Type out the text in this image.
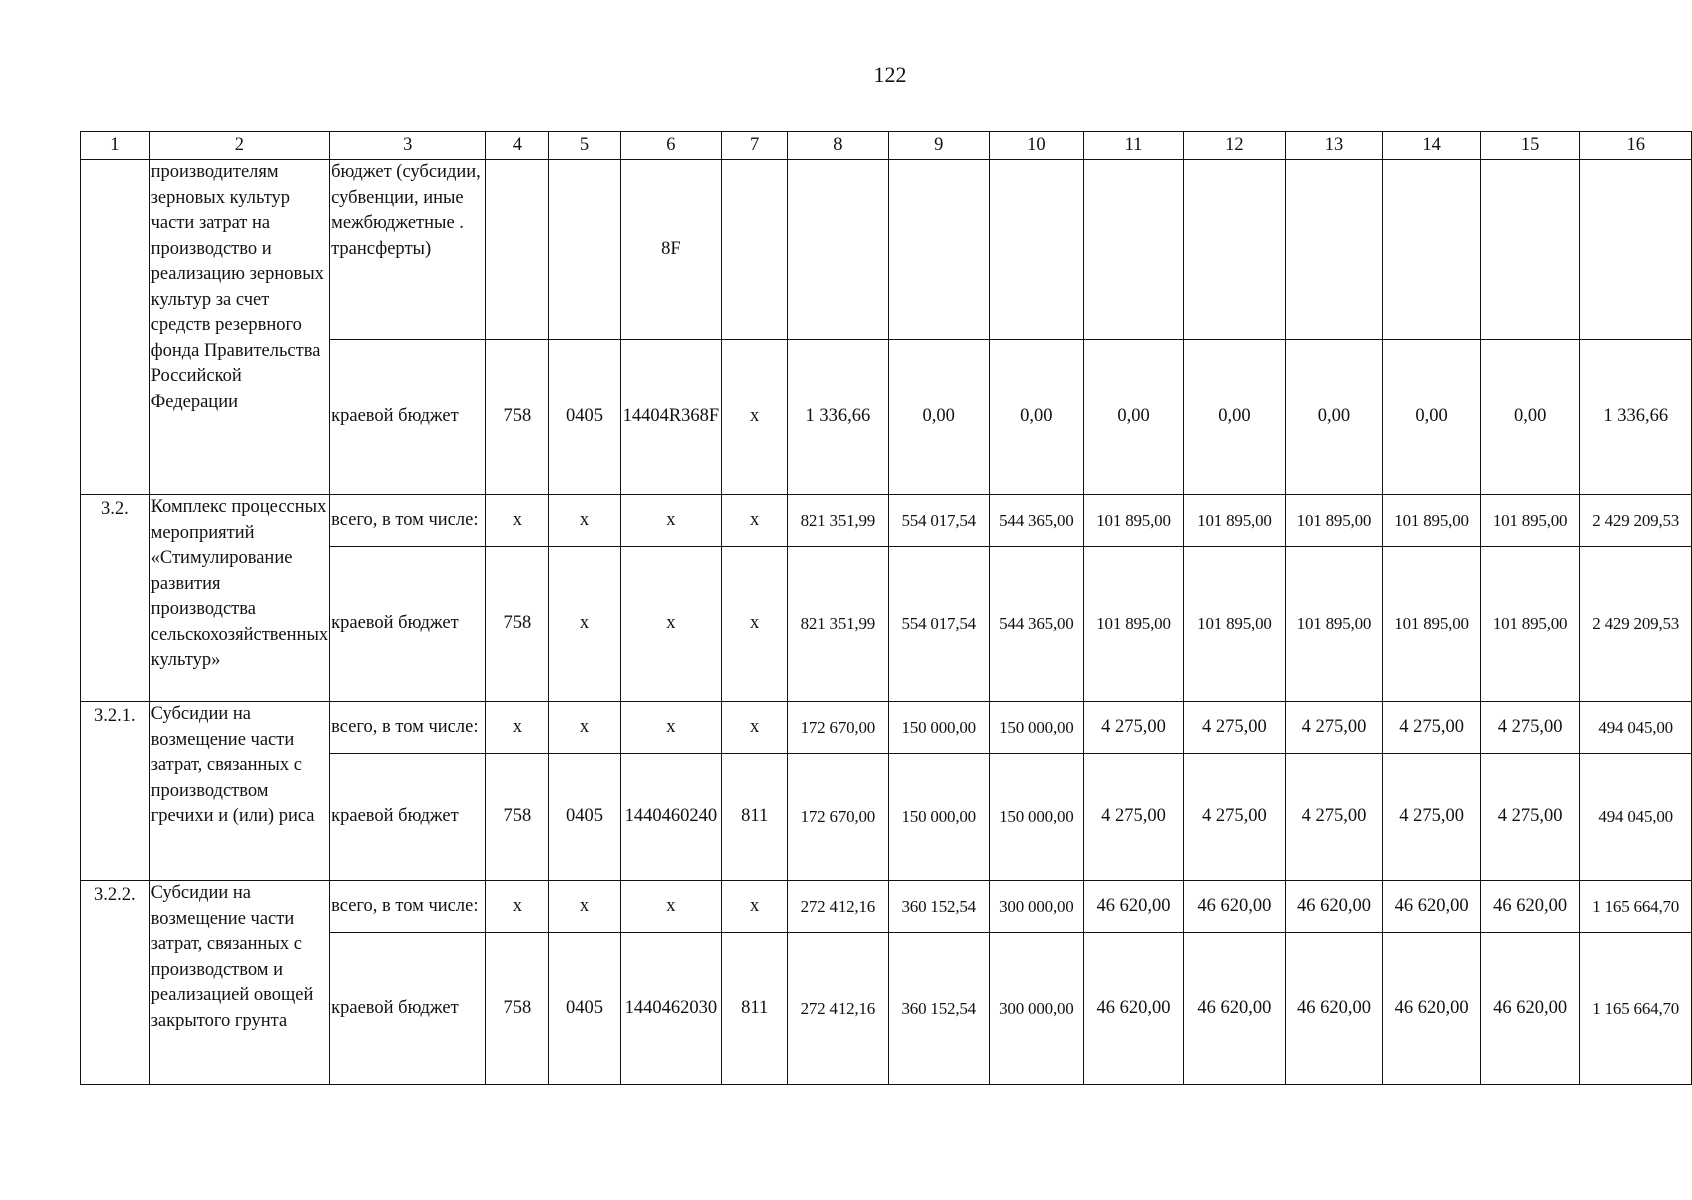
122
1	2	3	4	5	6	7	8	9	10	11	12	13	14	15	16
	производителям зерновых культур части затрат на производство и реализацию зерновых культур за счет средств резервного фонда Правительства Российской Федерации	бюджет (субсидии, субвенции, иные межбюджетные . трансферты)			8F										
		краевой бюджет	758	0405	14404R368F	х	1 336,66	0,00	0,00	0,00	0,00	0,00	0,00	0,00	1 336,66
3.2.	Комплекс процессных мероприятий «Стимулирование развития производства сельскохозяйственных культур»	всего, в том числе:	х	х	х	х	821 351,99	554 017,54	544 365,00	101 895,00	101 895,00	101 895,00	101 895,00	101 895,00	2 429 209,53
		краевой бюджет	758	х	х	х	821 351,99	554 017,54	544 365,00	101 895,00	101 895,00	101 895,00	101 895,00	101 895,00	2 429 209,53
3.2.1.	Субсидии на возмещение части затрат, связанных с производством гречихи и (или) риса	всего, в том числе:	х	х	х	х	172 670,00	150 000,00	150 000,00	4 275,00	4 275,00	4 275,00	4 275,00	4 275,00	494 045,00
		краевой бюджет	758	0405	1440460240	811	172 670,00	150 000,00	150 000,00	4 275,00	4 275,00	4 275,00	4 275,00	4 275,00	494 045,00
3.2.2.	Субсидии на возмещение части затрат, связанных с производством и реализацией овощей закрытого грунта	всего, в том числе:	х	х	х	х	272 412,16	360 152,54	300 000,00	46 620,00	46 620,00	46 620,00	46 620,00	46 620,00	1 165 664,70
		краевой бюджет	758	0405	1440462030	811	272 412,16	360 152,54	300 000,00	46 620,00	46 620,00	46 620,00	46 620,00	46 620,00	1 165 664,70
